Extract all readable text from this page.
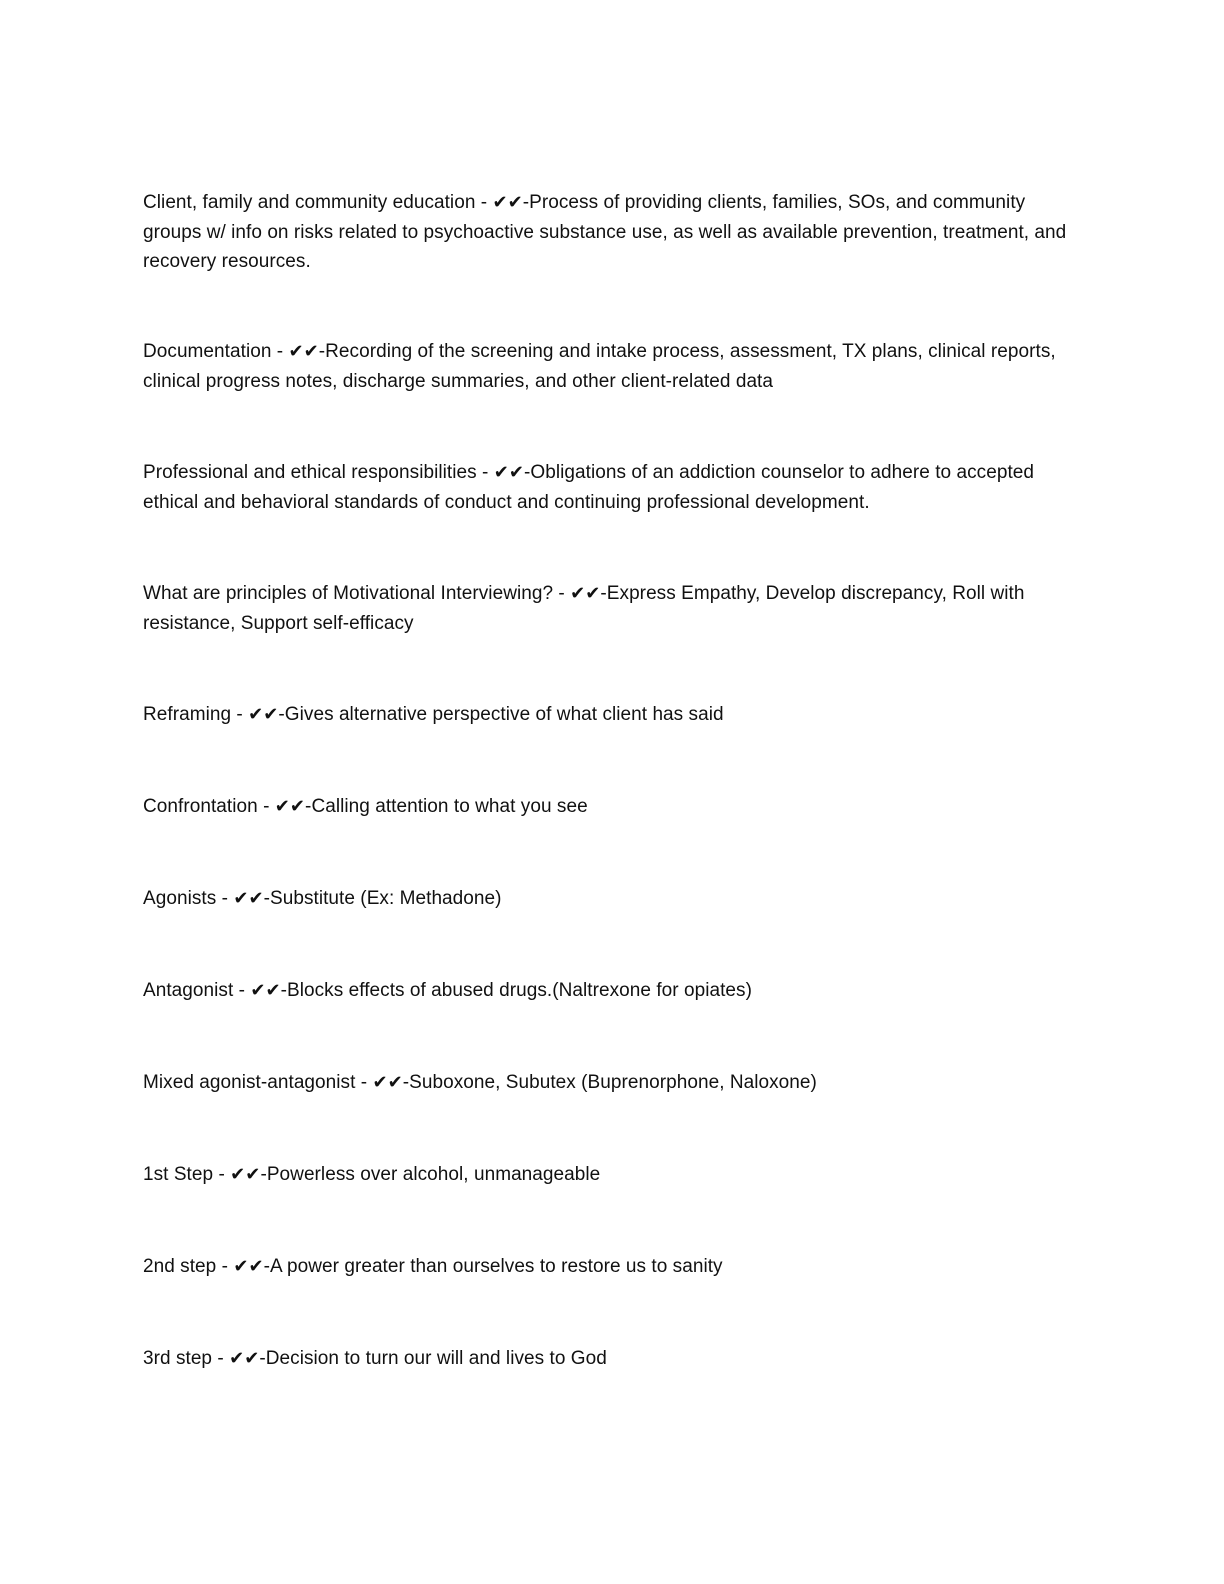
Client, family and community education - ✔✔-Process of providing clients, families, SOs, and community groups w/ info on risks related to psychoactive substance use, as well as available prevention, treatment, and recovery resources.

Documentation - ✔✔-Recording of the screening and intake process, assessment, TX plans, clinical reports, clinical progress notes, discharge summaries, and other client-related data

Professional and ethical responsibilities - ✔✔-Obligations of an addiction counselor to adhere to accepted ethical and behavioral standards of conduct and continuing professional development.

What are principles of Motivational Interviewing? - ✔✔-Express Empathy, Develop discrepancy, Roll with resistance, Support self-efficacy

Reframing - ✔✔-Gives alternative perspective of what client has said

Confrontation - ✔✔-Calling attention to what you see

Agonists - ✔✔-Substitute (Ex: Methadone)

Antagonist - ✔✔-Blocks effects of abused drugs.(Naltrexone for opiates)

Mixed agonist-antagonist - ✔✔-Suboxone, Subutex (Buprenorphone, Naloxone)

1st Step - ✔✔-Powerless over alcohol, unmanageable

2nd step - ✔✔-A power greater than ourselves to restore us to sanity

3rd step - ✔✔-Decision to turn our will and lives to God
